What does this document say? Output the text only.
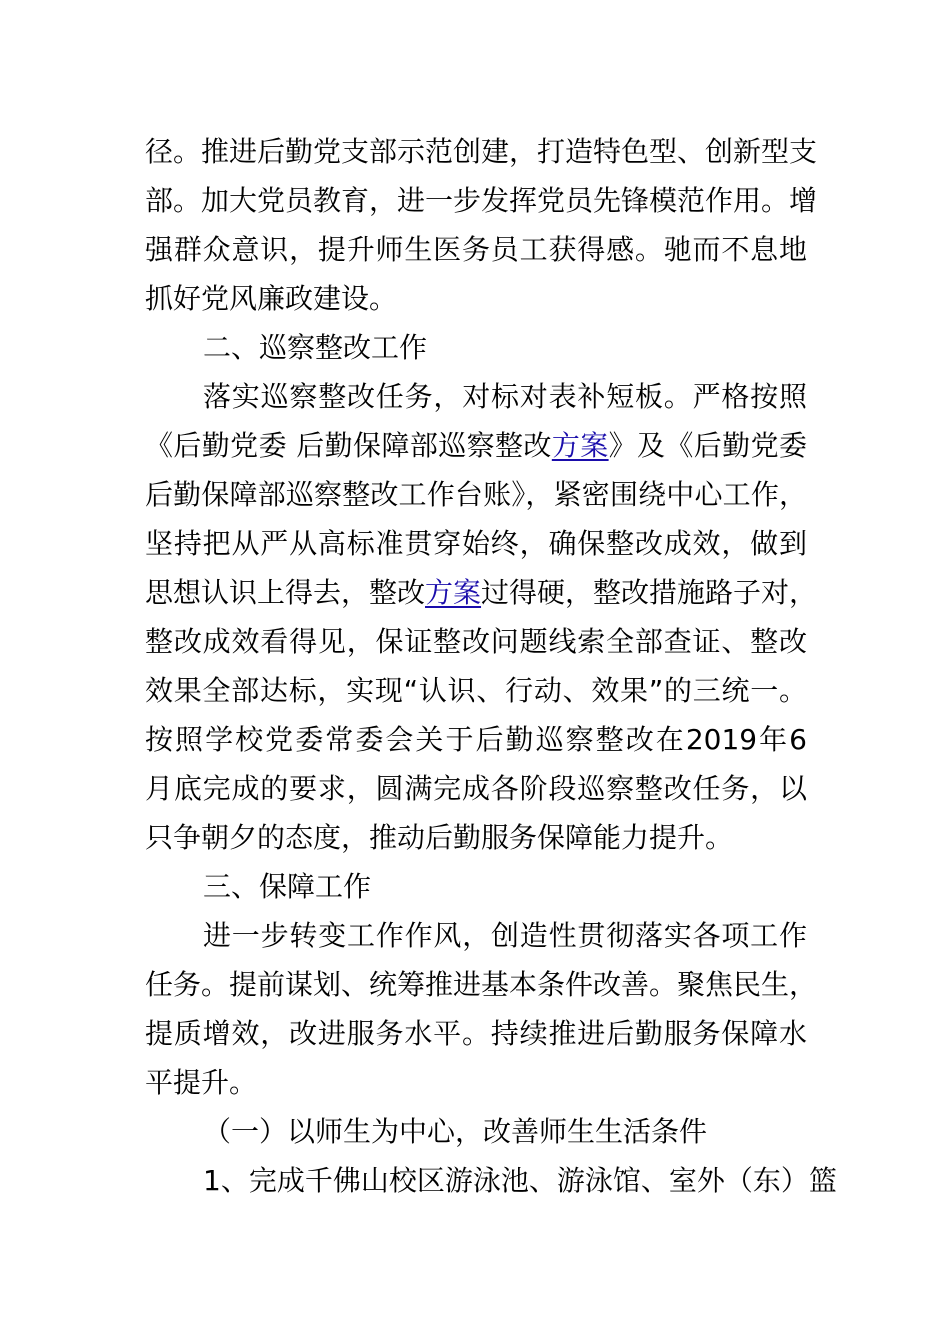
径。推进后勤党支部示范创建，打造特色型、创新型支
部。加大党员教育，进一步发挥党员先锋模范作用。增
强群众意识，提升师生医务员工获得感。驰而不息地
抓好党风廉政建设。
二、巡察整改工作
落实巡察整改任务，对标对表补短板。严格按照
《后勤党委 后勤保障部巡察整改方案》及《后勤党委
后勤保障部巡察整改工作台账》，紧密围绕中心工作，
坚持把从严从高标准贯穿始终，确保整改成效，做到
思想认识上得去，整改方案过得硬，整改措施路子对，
整改成效看得见，保证整改问题线索全部查证、整改
效果全部达标，实现“认识、行动、效果”的三统一。
按照学校党委常委会关于后勤巡察整改在2019年6
月底完成的要求，圆满完成各阶段巡察整改任务，以
只争朝夕的态度，推动后勤服务保障能力提升。
三、保障工作
进一步转变工作作风，创造性贯彻落实各项工作
任务。提前谋划、统筹推进基本条件改善。聚焦民生，
提质增效，改进服务水平。持续推进后勤服务保障水
平提升。
（一）以师生为中心，改善师生生活条件
1、完成千佛山校区游泳池、游泳馆、室外（东）篮
